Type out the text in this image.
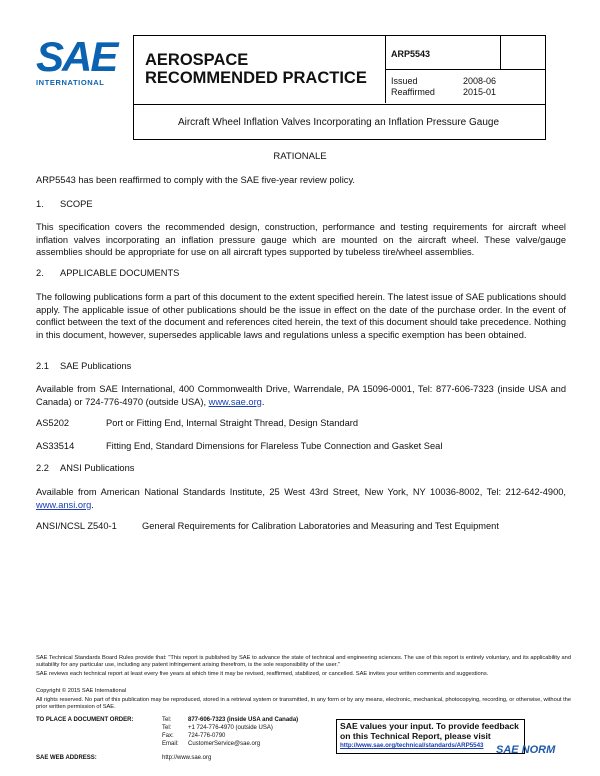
SAE
INTERNATIONAL
AEROSPACE
RECOMMENDED PRACTICE
ARP5543
Issued	2008-06
Reaffirmed	2015-01
Aircraft Wheel Inflation Valves Incorporating an Inflation Pressure Gauge
RATIONALE
ARP5543 has been reaffirmed to comply with the SAE five-year review policy.
1. SCOPE
This specification covers the recommended design, construction, performance and testing requirements for aircraft wheel inflation valves incorporating an inflation pressure gauge which are mounted on the aircraft wheel. These valve/gauge assemblies should be appropriate for use on all aircraft types supported by tubeless tire/wheel assemblies.
2. APPLICABLE DOCUMENTS
The following publications form a part of this document to the extent specified herein. The latest issue of SAE publications should apply. The applicable issue of other publications should be the issue in effect on the date of the purchase order. In the event of conflict between the text of the document and references cited herein, the text of this document should take precedence. Nothing in this document, however, supersedes applicable laws and regulations unless a specific exemption has been obtained.
2.1 SAE Publications
Available from SAE International, 400 Commonwealth Drive, Warrendale, PA 15096-0001, Tel: 877-606-7323 (inside USA and Canada) or 724-776-4970 (outside USA), www.sae.org.
AS5202	Port or Fitting End, Internal Straight Thread, Design Standard
AS33514	Fitting End, Standard Dimensions for Flareless Tube Connection and Gasket Seal
2.2 ANSI Publications
Available from American National Standards Institute, 25 West 43rd Street, New York, NY 10036-8002, Tel: 212-642-4900, www.ansi.org.
ANSI/NCSL Z540-1	General Requirements for Calibration Laboratories and Measuring and Test Equipment
SAE Technical Standards Board Rules provide that: "This report is published by SAE to advance the state of technical and engineering sciences. The use of this report is entirely voluntary, and its applicability and suitability for any particular use, including any patent infringement arising therefrom, is the sole responsibility of the user."
SAE reviews each technical report at least every five years at which time it may be revised, reaffirmed, stabilized, or cancelled. SAE invites your written comments and suggestions.
Copyright © 2015 SAE International
All rights reserved. No part of this publication may be reproduced, stored in a retrieval system or transmitted, in any form or by any means, electronic, mechanical, photocopying, recording, or otherwise, without the prior written permission of SAE.
TO PLACE A DOCUMENT ORDER:	Tel:	877-606-7323 (inside USA and Canada)
Tel:	+1 724-776-4970 (outside USA)
Fax: 724-776-0790
Email: CustomerService@sae.org
SAE WEB ADDRESS:	http://www.sae.org
SAE values your input. To provide feedback
on this Technical Report, please visit
http://www.sae.org/technical/standards/ARP5543 SAE NORM
